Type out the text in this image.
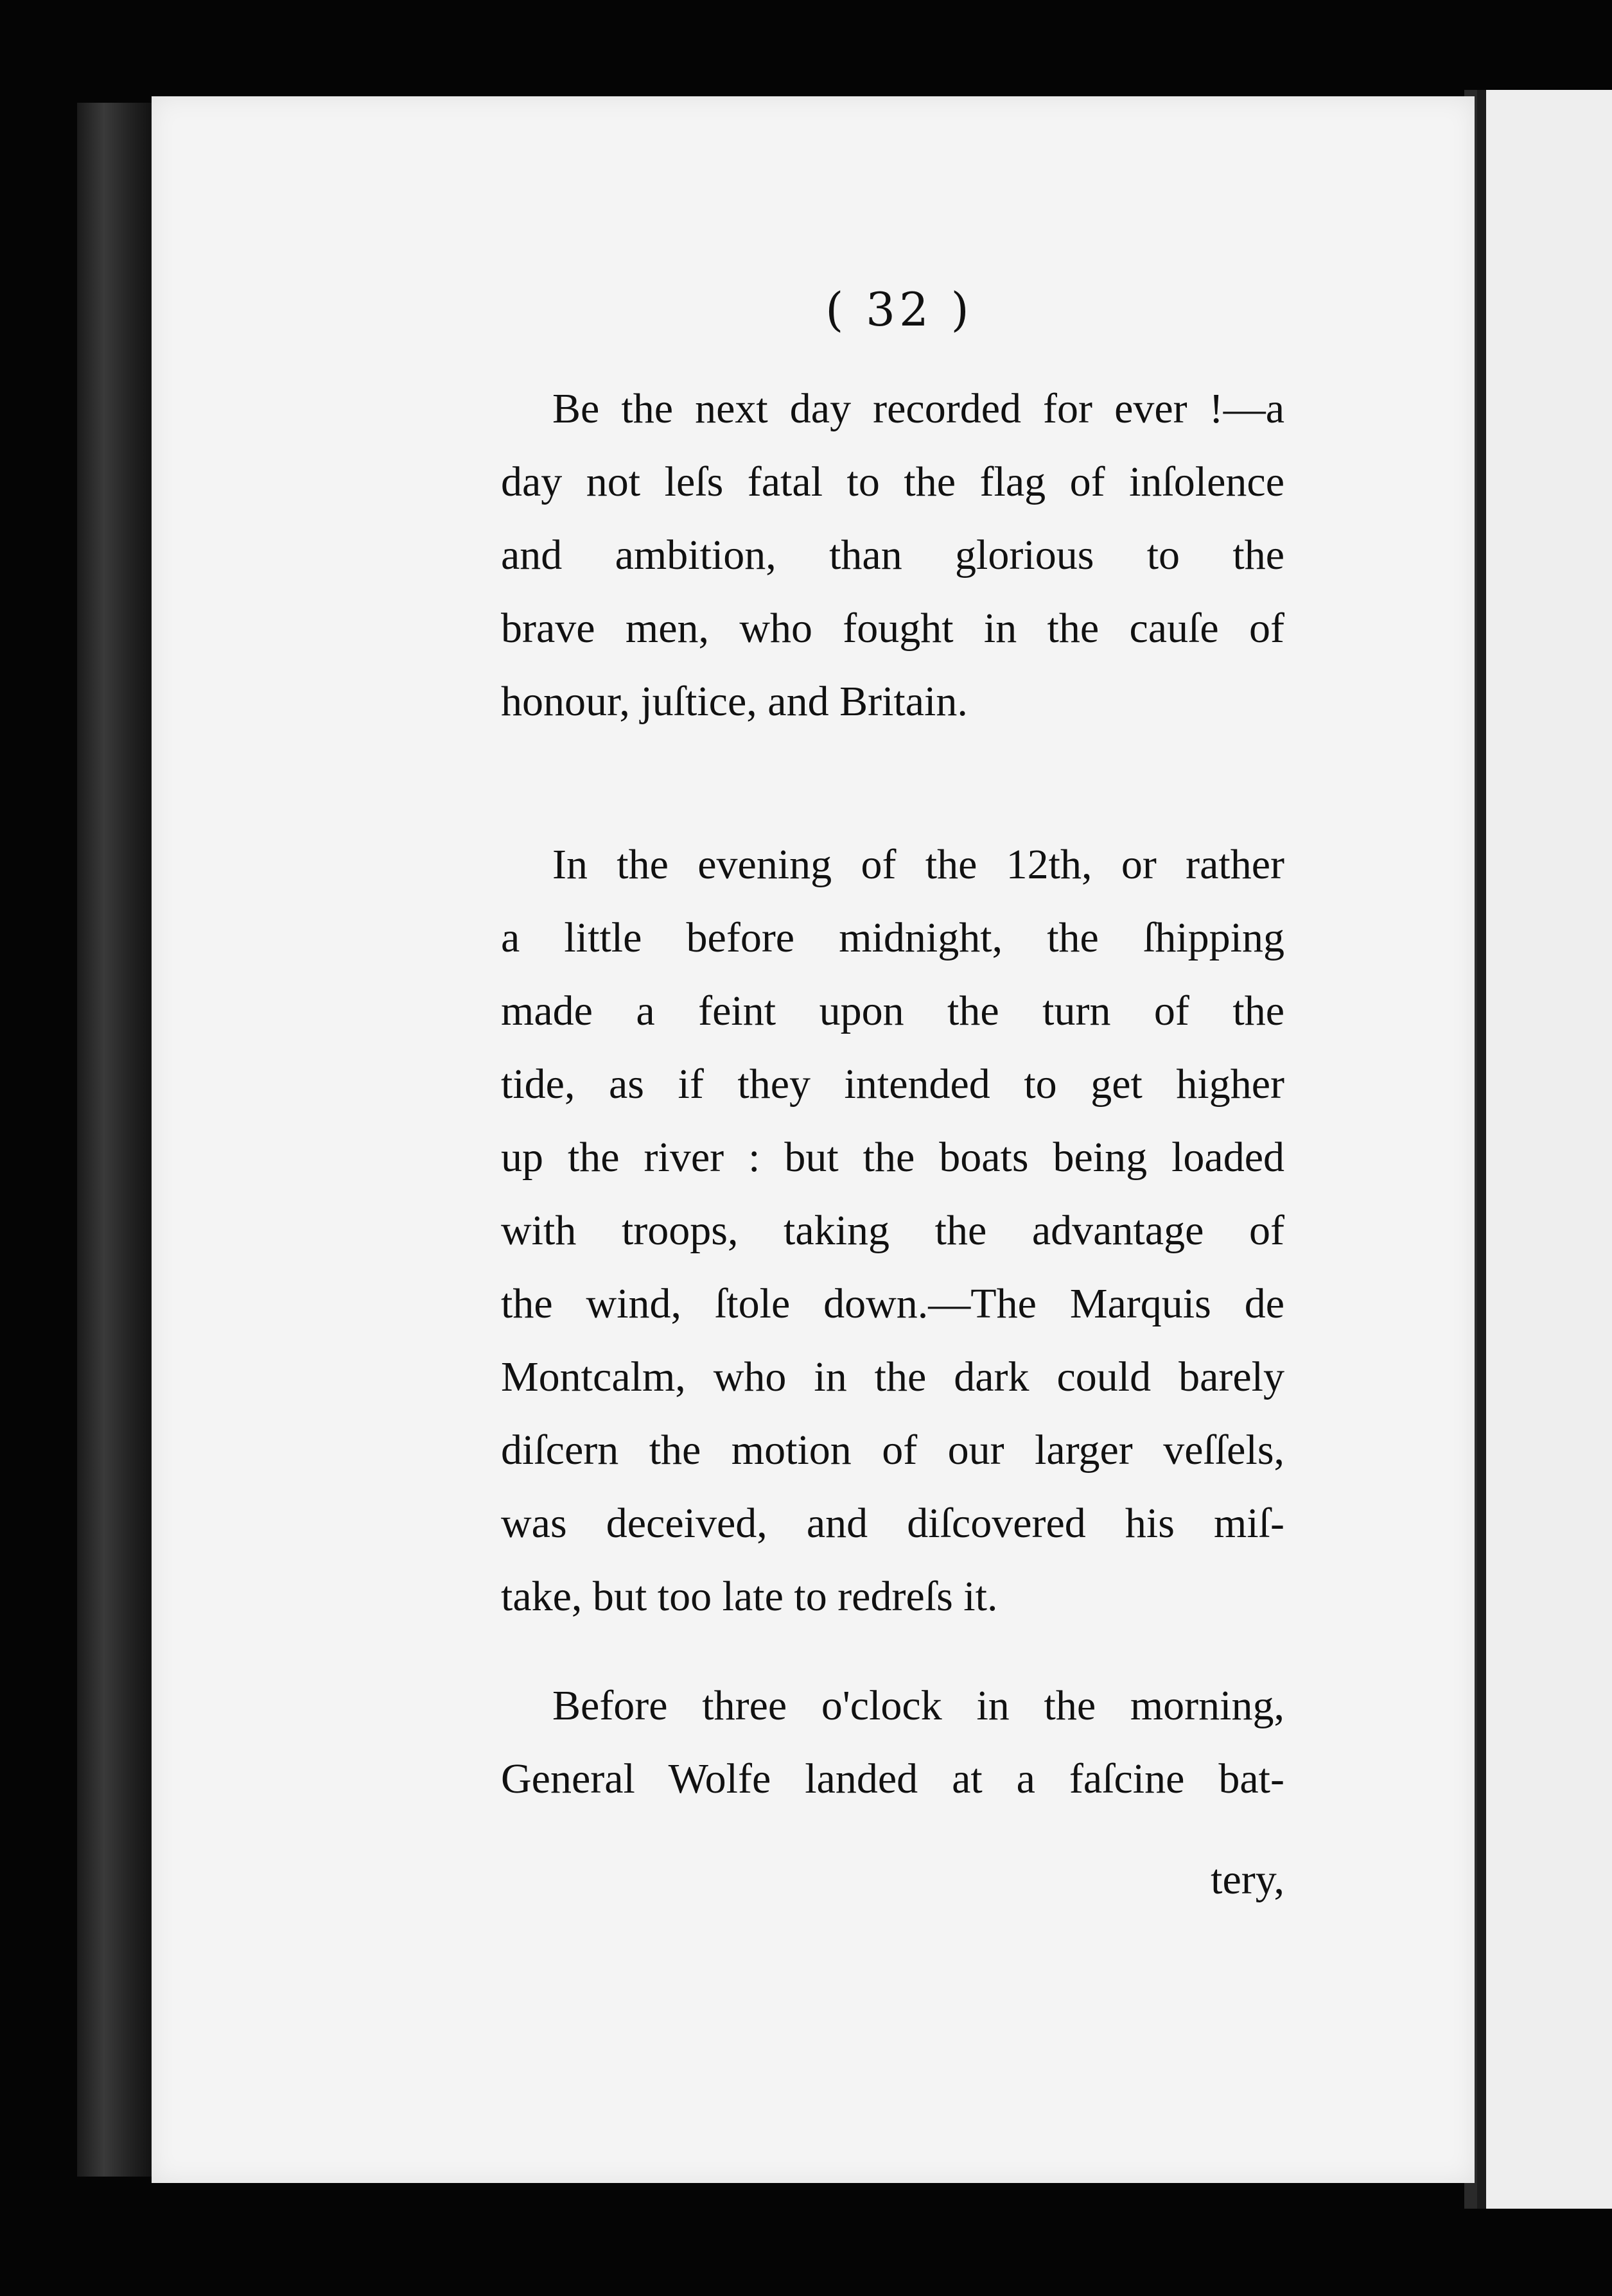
( 32 )
Be the next day recorded for ever !—a
day not leſs fatal to the flag of inſolence
and ambition, than glorious to the
brave men, who fought in the cauſe of
honour, juſtice, and Britain.
In the evening of the 12th, or rather
a little before midnight, the ſhipping
made a feint upon the turn of the
tide, as if they intended to get higher
up the river : but the boats being loaded
with troops, taking the advantage of
the wind, ſtole down.—The Marquis de
Montcalm, who in the dark could barely
diſcern the motion of our larger veſſels,
was deceived, and diſcovered his miſ-
take, but too late to redreſs it.
Before three o'clock in the morning,
General Wolfe landed at a faſcine bat-
tery,
